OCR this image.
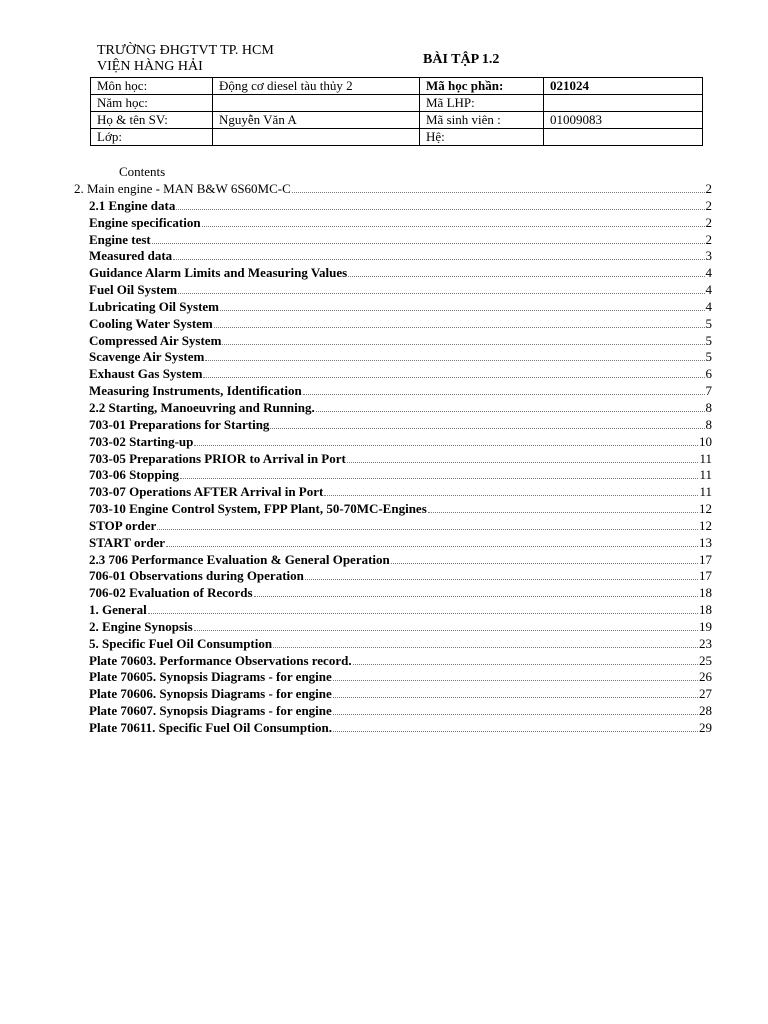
TRƯỜNG ĐHGTVT TP. HCM
VIỆN HÀNG HẢI	BÀI TẬP 1.2
Môn học:	Động cơ diesel tàu thủy 2	Mã học phần:	021024
Năm học:		Mã LHP:	
Họ & tên SV:	Nguyễn Văn A	Mã sinh viên :	01009083
Lớp:		Hệ:	
Contents
2. Main engine - MAN B&W 6S60MC-C	2
2.1 Engine data	2
Engine specification	2
Engine test	2
Measured data	3
Guidance Alarm Limits and Measuring Values	4
Fuel Oil System	4
Lubricating Oil System	4
Cooling Water System	5
Compressed Air System	5
Scavenge Air System	5
Exhaust Gas System	6
Measuring Instruments, Identification	7
2.2 Starting, Manoeuvring and Running.	8
703-01 Preparations for Starting	8
703-02 Starting-up	10
703-05 Preparations PRIOR to Arrival in Port	11
703-06 Stopping	11
703-07 Operations AFTER Arrival in Port	11
703-10 Engine Control System, FPP Plant, 50-70MC-Engines	12
STOP order	12
START order	13
2.3 706 Performance Evaluation & General Operation	17
706-01 Observations during Operation	17
706-02 Evaluation of Records	18
1. General	18
2. Engine Synopsis	19
5. Specific Fuel Oil Consumption	23
Plate 70603. Performance Observations record.	25
Plate 70605. Synopsis Diagrams - for engine	26
Plate 70606. Synopsis Diagrams - for engine	27
Plate 70607. Synopsis Diagrams - for engine	28
Plate 70611. Specific Fuel Oil Consumption.	29
